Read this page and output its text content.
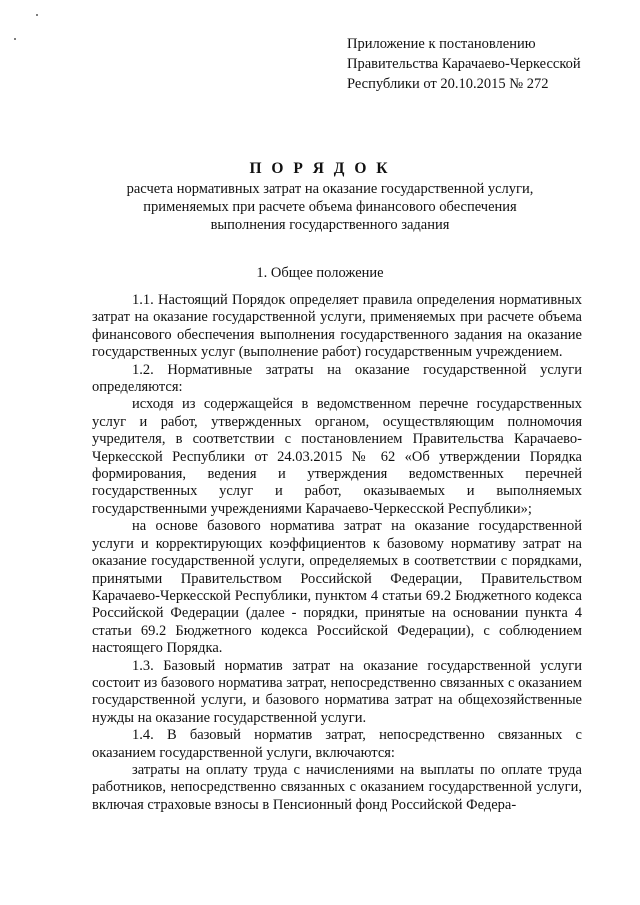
Приложение к постановлению
Правительства Карачаево-Черкесской
Республики от 20.10.2015 № 272
П О Р Я Д О К
расчета нормативных затрат на оказание государственной услуги, применяемых при расчете объема финансового обеспечения выполнения государственного задания
1. Общее положение

1.1. Настоящий Порядок определяет правила определения нормативных затрат на оказание государственной услуги, применяемых при расчете объема финансового обеспечения выполнения государственного задания на оказание государственных услуг (выполнение работ) государственным учреждением.

1.2. Нормативные затраты на оказание государственной услуги определяются:

исходя из содержащейся в ведомственном перечне государственных услуг и работ, утвержденных органом, осуществляющим полномочия учредителя, в соответствии с постановлением Правительства Карачаево-Черкесской Республики от 24.03.2015 № 62 «Об утверждении Порядка формирования, ведения и утверждения ведомственных перечней государственных услуг и работ, оказываемых и выполняемых государственными учреждениями Карачаево-Черкесской Республики»;

на основе базового норматива затрат на оказание государственной услуги и корректирующих коэффициентов к базовому нормативу затрат на оказание государственной услуги, определяемых в соответствии с порядками, принятыми Правительством Российской Федерации, Правительством Карачаево-Черкесской Республики, пунктом 4 статьи 69.2 Бюджетного кодекса Российской Федерации (далее - порядки, принятые на основании пункта 4 статьи 69.2 Бюджетного кодекса Российской Федерации), с соблюдением настоящего Порядка.

1.3. Базовый норматив затрат на оказание государственной услуги состоит из базового норматива затрат, непосредственно связанных с оказанием государственной услуги, и базового норматива затрат на общехозяйственные нужды на оказание государственной услуги.

1.4. В базовый норматив затрат, непосредственно связанных с оказанием государственной услуги, включаются:

затраты на оплату труда с начислениями на выплаты по оплате труда работников, непосредственно связанных с оказанием государственной услуги, включая страховые взносы в Пенсионный фонд Российской Федера-
